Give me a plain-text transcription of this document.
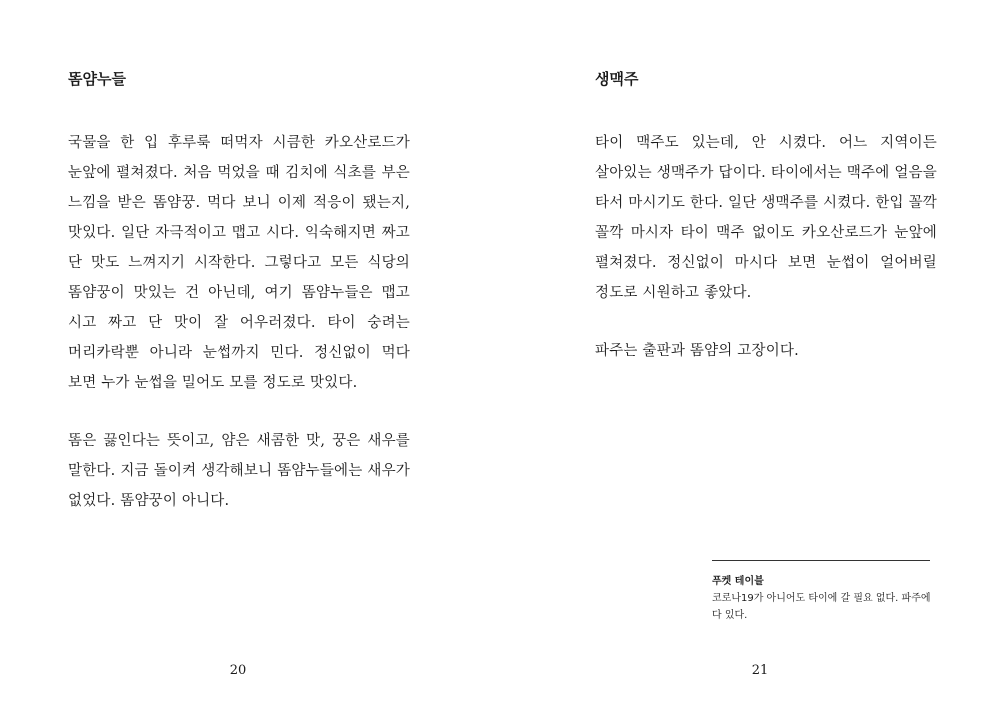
똠얌누들

국물을 한 입 후루룩 떠먹자 시큼한 카오산로드가 눈앞에 펼쳐졌다. 처음 먹었을 때 김치에 식초를 부은 느낌을 받은 똠얌꿍. 먹다 보니 이제 적응이 됐는지, 맛있다. 일단 자극적이고 맵고 시다. 익숙해지면 짜고 단 맛도 느껴지기 시작한다. 그렇다고 모든 식당의 똠얌꿍이 맛있는 건 아닌데, 여기 똠얌누들은 맵고 시고 짜고 단 맛이 잘 어우러졌다. 타이 숭려는 머리카락뿐 아니라 눈썹까지 민다. 정신없이 먹다 보면 누가 눈썹을 밀어도 모를 정도로 맛있다.

똠은 끓인다는 뜻이고, 얌은 새콤한 맛, 꿍은 새우를 말한다. 지금 돌이켜 생각해보니 똠얌누들에는 새우가 없었다. 똠얌꿍이 아니다.

20
생맥주

타이 맥주도 있는데, 안 시켰다. 어느 지역이든 살아있는 생맥주가 답이다. 타이에서는 맥주에 얼음을 타서 마시기도 한다. 일단 생맥주를 시켰다. 한입 꼴깍 꼴깍 마시자 타이 맥주 없이도 카오산로드가 눈앞에 펼쳐졌다. 정신없이 마시다 보면 눈썹이 얼어버릴 정도로 시원하고 좋았다.

파주는 출판과 똠얌의 고장이다.

푸켓 테이블
코로나19가 아니어도 타이에 갈 필요 없다. 파주에 다 있다.
21
